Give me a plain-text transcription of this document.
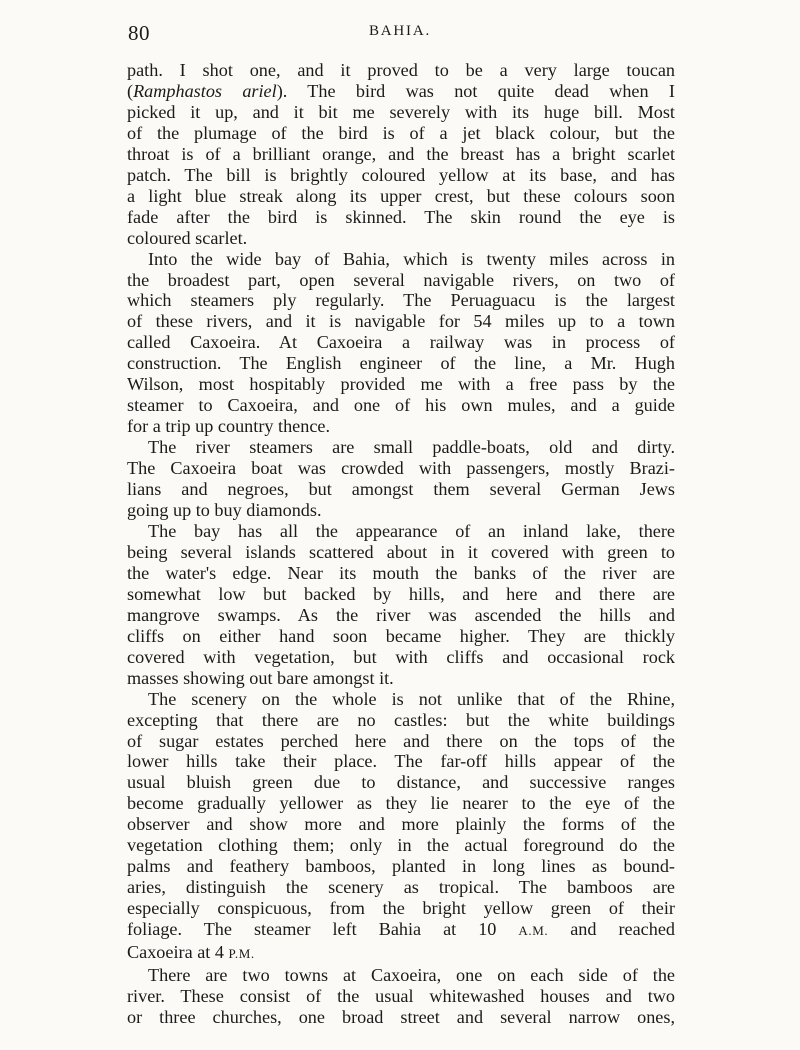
80	BAHIA.
path. I shot one, and it proved to be a very large toucan
(Ramphastos ariel). The bird was not quite dead when I
picked it up, and it bit me severely with its huge bill. Most
of the plumage of the bird is of a jet black colour, but the
throat is of a brilliant orange, and the breast has a bright scarlet
patch. The bill is brightly coloured yellow at its base, and has
a light blue streak along its upper crest, but these colours soon
fade after the bird is skinned. The skin round the eye is
coloured scarlet.
Into the wide bay of Bahia, which is twenty miles across in
the broadest part, open several navigable rivers, on two of
which steamers ply regularly. The Peruaguacu is the largest
of these rivers, and it is navigable for 54 miles up to a town
called Caxoeira. At Caxoeira a railway was in process of
construction. The English engineer of the line, a Mr. Hugh
Wilson, most hospitably provided me with a free pass by the
steamer to Caxoeira, and one of his own mules, and a guide
for a trip up country thence.
The river steamers are small paddle-boats, old and dirty.
The Caxoeira boat was crowded with passengers, mostly Brazi-
lians and negroes, but amongst them several German Jews
going up to buy diamonds.
The bay has all the appearance of an inland lake, there
being several islands scattered about in it covered with green to
the water's edge. Near its mouth the banks of the river are
somewhat low but backed by hills, and here and there are
mangrove swamps. As the river was ascended the hills and
cliffs on either hand soon became higher. They are thickly
covered with vegetation, but with cliffs and occasional rock
masses showing out bare amongst it.
The scenery on the whole is not unlike that of the Rhine,
excepting that there are no castles: but the white buildings
of sugar estates perched here and there on the tops of the
lower hills take their place. The far-off hills appear of the
usual bluish green due to distance, and successive ranges
become gradually yellower as they lie nearer to the eye of the
observer and show more and more plainly the forms of the
vegetation clothing them; only in the actual foreground do the
palms and feathery bamboos, planted in long lines as bound-
aries, distinguish the scenery as tropical. The bamboos are
especially conspicuous, from the bright yellow green of their
foliage. The steamer left Bahia at 10 A.M. and reached
Caxoeira at 4 P.M.
There are two towns at Caxoeira, one on each side of the
river. These consist of the usual whitewashed houses and two
or three churches, one broad street and several narrow ones,
